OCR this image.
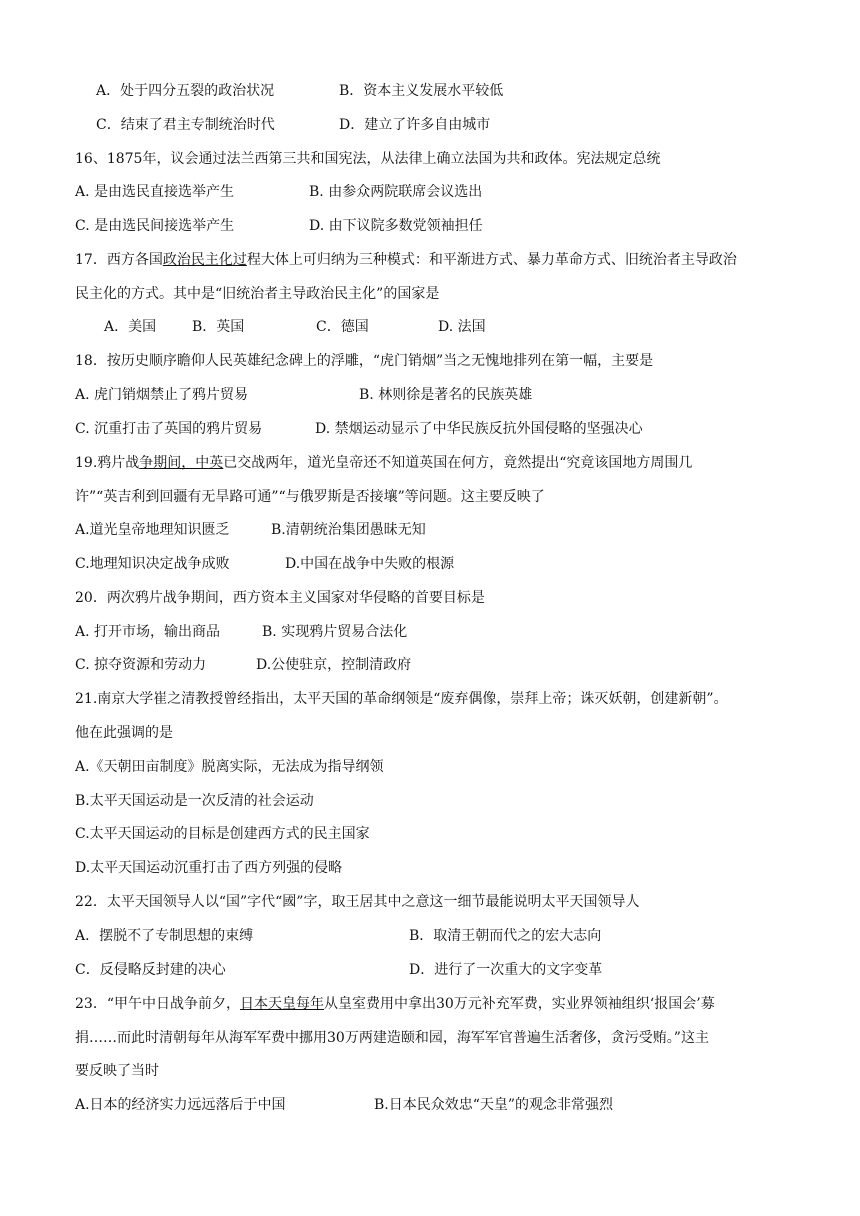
A．处于四分五裂的政治状况	B．资本主义发展水平较低
C．结束了君主专制统治时代	D．建立了许多自由城市
16、1875年，议会通过法兰西第三共和国宪法，从法律上确立法国为共和政体。宪法规定总统
A. 是由选民直接选举产生	B. 由参众两院联席会议选出
C. 是由选民间接选举产生	D. 由下议院多数党领袖担任
17．西方各国政治民主化过程大体上可归纳为三种模式：和平渐进方式、暴力革命方式、旧统治者主导政治
民主化的方式。其中是“旧统治者主导政治民主化”的国家是
A．美国	B．英国	C．德国	D. 法国
18．按历史顺序瞻仰人民英雄纪念碑上的浮雕，“虎门销烟”当之无愧地排列在第一幅，主要是
A. 虎门销烟禁止了鸦片贸易	B. 林则徐是著名的民族英雄
C. 沉重打击了英国的鸦片贸易	D. 禁烟运动显示了中华民族反抗外国侵略的坚强决心
19.鸦片战争期间，中英已交战两年，道光皇帝还不知道英国在何方，竟然提出“究竟该国地方周围几
许”“英吉利到回疆有无旱路可通”“与俄罗斯是否接壤”等问题。这主要反映了
A.道光皇帝地理知识匮乏	B.清朝统治集团愚昧无知
C.地理知识决定战争成败	D.中国在战争中失败的根源
20．两次鸦片战争期间，西方资本主义国家对华侵略的首要目标是
A. 打开市场，输出商品	B. 实现鸦片贸易合法化
C. 掠夺资源和劳动力	D.公使驻京，控制清政府
21.南京大学崔之清教授曾经指出，太平天国的革命纲领是“废弃偶像，崇拜上帝；诛灭妖朝，创建新朝”。
他在此强调的是
A.《天朝田亩制度》脱离实际，无法成为指导纲领
B.太平天国运动是一次反清的社会运动
C.太平天国运动的目标是创建西方式的民主国家
D.太平天国运动沉重打击了西方列强的侵略
22．太平天国领导人以“国”字代“國”字，取王居其中之意这一细节最能说明太平天国领导人
A．摆脱不了专制思想的束缚	B．取清王朝而代之的宏大志向
C．反侵略反封建的决心	D．进行了一次重大的文字变革
23．“甲午中日战争前夕，日本天皇每年从皇室费用中拿出30万元补充军费，实业界领袖组织‘报国会’募
捐……而此时清朝每年从海军军费中挪用30万两建造颐和园，海军军官普遍生活奢侈，贪污受贿。”这主
要反映了当时
A.日本的经济实力远远落后于中国	B.日本民众效忠“天皇”的观念非常强烈
